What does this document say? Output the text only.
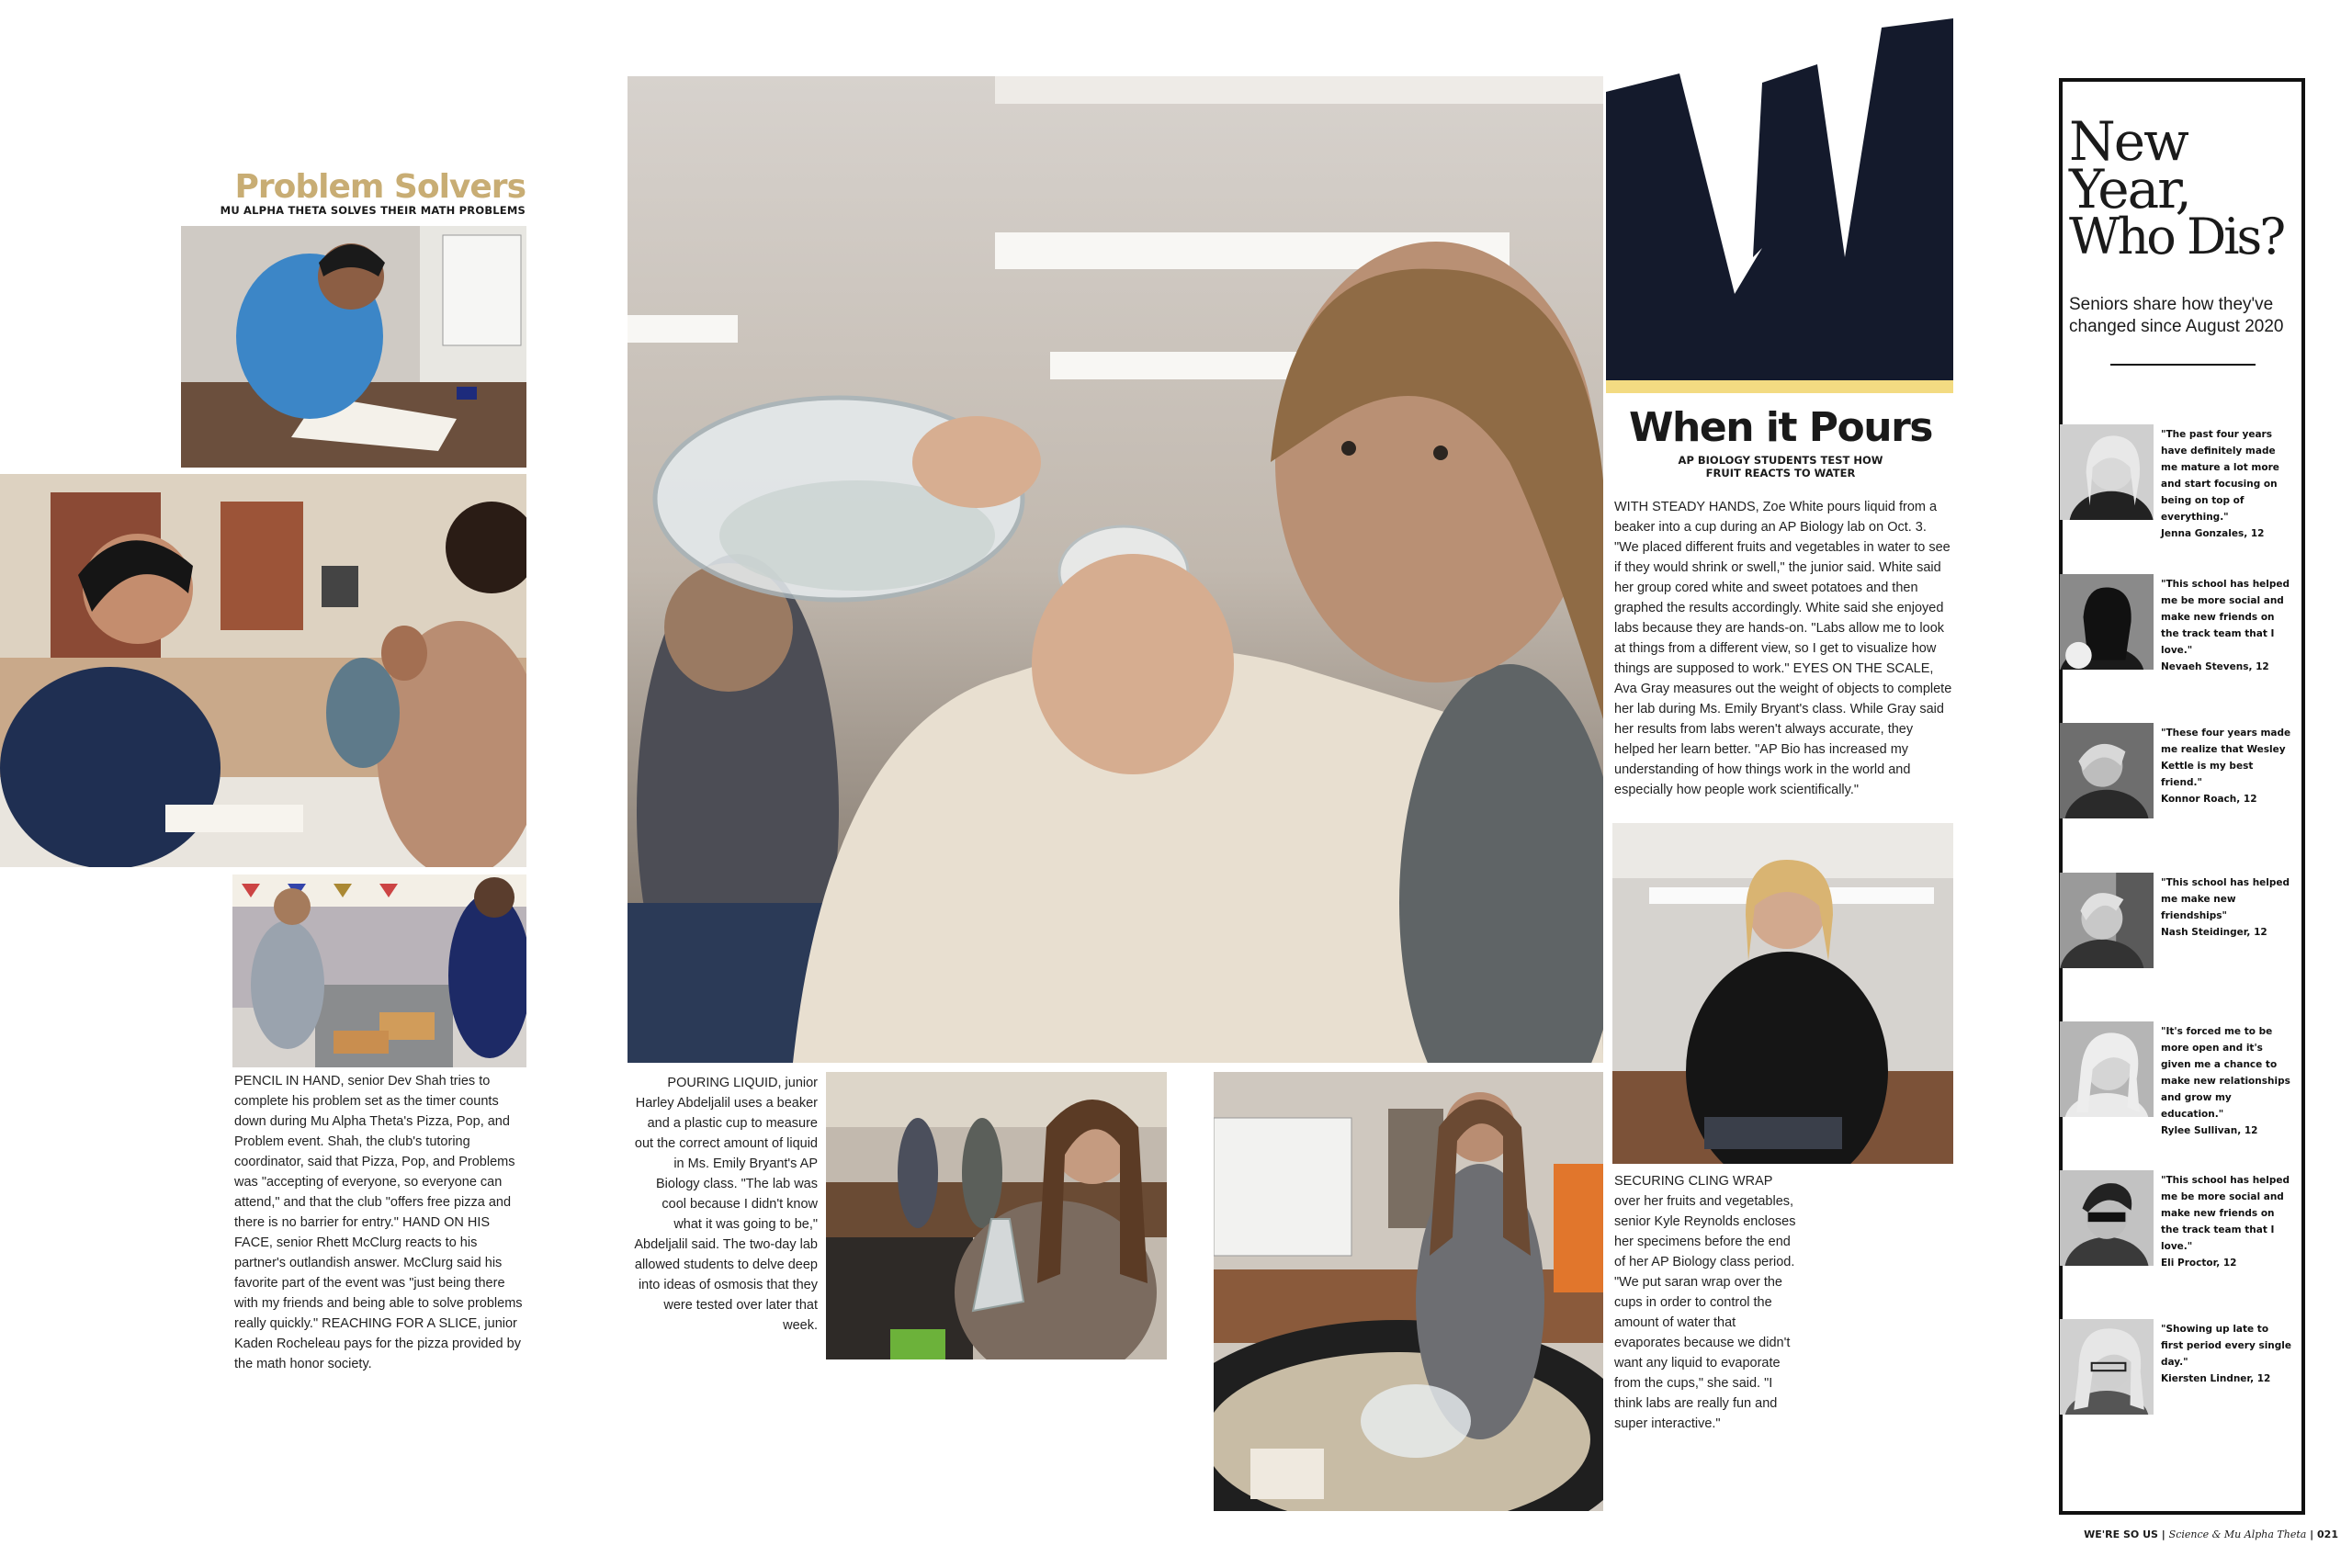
Problem Solvers
MU ALPHA THETA SOLVES THEIR MATH PROBLEMS
PENCIL IN HAND, senior Dev Shah tries to complete his problem set as the timer counts down during Mu Alpha Theta's Pizza, Pop, and Problem event. Shah, the club's tutoring coordinator, said that Pizza, Pop, and Problems was "accepting of everyone, so everyone can attend," and that the club "offers free pizza and there is no barrier for entry." HAND ON HIS FACE, senior Rhett McClurg reacts to his partner's outlandish answer. McClurg said his favorite part of the event was "just being there with my friends and being able to solve problems really quickly." REACHING FOR A SLICE, junior Kaden Rocheleau pays for the pizza provided by the math honor society.
POURING LIQUID, junior Harley Abdeljalil uses a beaker and a plastic cup to measure out the correct amount of liquid in Ms. Emily Bryant's AP Biology class. "The lab was cool because I didn't know what it was going to be," Abdeljalil said. The two-day lab allowed students to delve deep into ideas of osmosis that they were tested over later that week.
When it Pours
AP BIOLOGY STUDENTS TEST HOW
FRUIT REACTS TO WATER
WITH STEADY HANDS, Zoe White pours liquid from a beaker into a cup during an AP Biology lab on Oct. 3. "We placed different fruits and vegetables in water to see if they would shrink or swell," the junior said. White said her group cored white and sweet potatoes and then graphed the results accordingly. White said she enjoyed labs because they are hands-on. "Labs allow me to look at things from a different view, so I get to visualize how things are supposed to work." EYES ON THE SCALE, Ava Gray measures out the weight of objects to complete her lab during Ms. Emily Bryant's class. While Gray said her results from labs weren't always accurate, they helped her learn better. "AP Bio has increased my understanding of how things work in the world and especially how people work scientifically."
SECURING CLING WRAP over her fruits and vegetables, senior Kyle Reynolds encloses her specimens before the end of her AP Biology class period. "We put saran wrap over the cups in order to control the amount of water that evaporates because we didn't want any liquid to evaporate from the cups," she said. "I think labs are really fun and super interactive."
New
Year,
Who Dis?
Seniors share how they've changed since August 2020
"The past four years have definitely made me mature a lot more and start focusing on being on top of everything."
Jenna Gonzales, 12
"This school has helped me be more social and make new friends on the track team that I love."
Nevaeh Stevens, 12
"These four years made me realize that Wesley Kettle is my best friend."
Konnor Roach, 12
"This school has helped me make new friendships"
Nash Steidinger, 12
"It's forced me to be more open and it's given me a chance to make new relationships and grow my education."
Rylee Sullivan, 12
"This school has helped me be more social and make new friends on the track team that I love."
Eli Proctor, 12
"Showing up late to first period every single day."
Kiersten Lindner, 12
WE'RE SO US | Science & Mu Alpha Theta | 021
